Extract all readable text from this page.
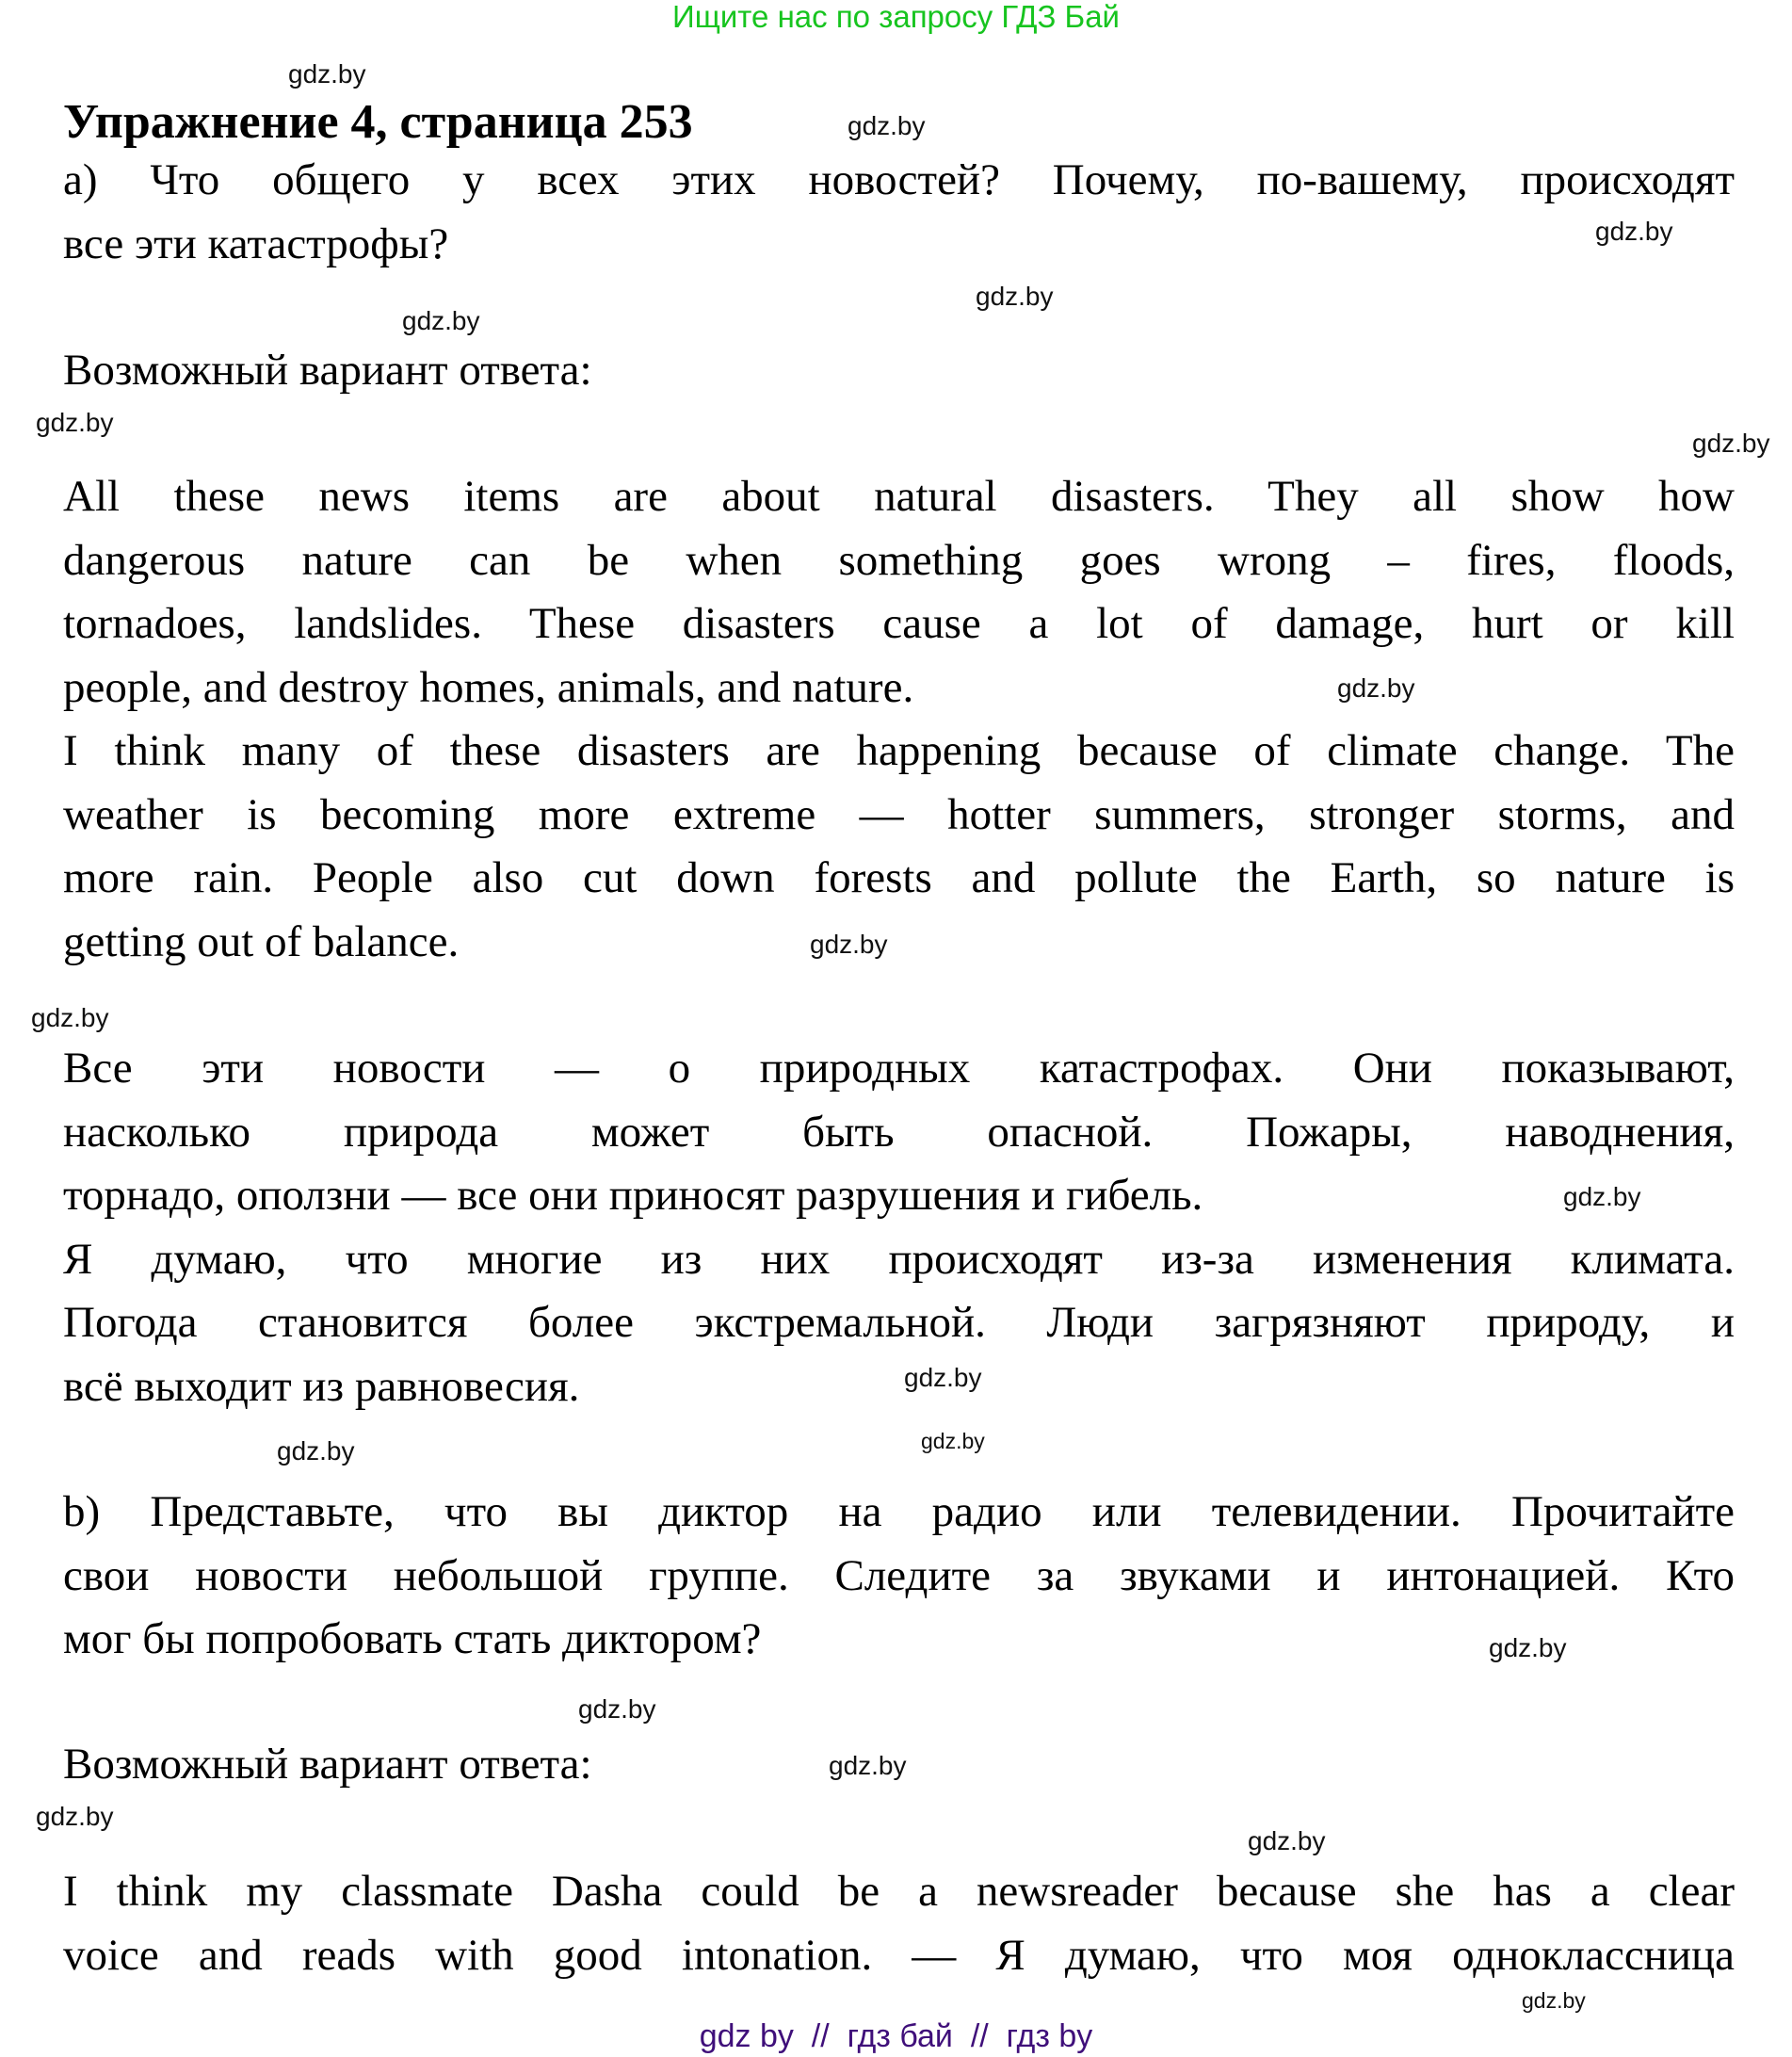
Ищите нас по запросу ГДЗ Бай
Упражнение 4, страница 253
а) Что общего у всех этих новостей? Почему, по-вашему, происходят
все эти катастрофы?
Возможный вариант ответа:
All these news items are about natural disasters. They all show how
dangerous nature can be when something goes wrong – fires, floods,
tornadoes, landslides. These disasters cause a lot of damage, hurt or kill
people, and destroy homes, animals, and nature.
I think many of these disasters are happening because of climate change. The
weather is becoming more extreme — hotter summers, stronger storms, and
more rain. People also cut down forests and pollute the Earth, so nature is
getting out of balance.
Все эти новости — о природных катастрофах. Они показывают,
насколько природа может быть опасной. Пожары, наводнения,
торнадо, оползни — все они приносят разрушения и гибель.
Я думаю, что многие из них происходят из-за изменения климата.
Погода становится более экстремальной. Люди загрязняют природу, и
всё выходит из равновесия.
b) Представьте, что вы диктор на радио или телевидении. Прочитайте
свои новости небольшой группе. Следите за звуками и интонацией. Кто
мог бы попробовать стать диктором?
Возможный вариант ответа:
I think my classmate Dasha could be a newsreader because she has a clear
voice and reads with good intonation. — Я думаю, что моя одноклассница
gdz.by
gdz.by
gdz.by
gdz.by
gdz.by
gdz.by
gdz.by
gdz.by
gdz.by
gdz.by
gdz.by
gdz.by
gdz.by
gdz.by
gdz.by
gdz.by
gdz.by
gdz.by
gdz.by
gdz.by
gdz by  //  гдз бай  //  гдз by
